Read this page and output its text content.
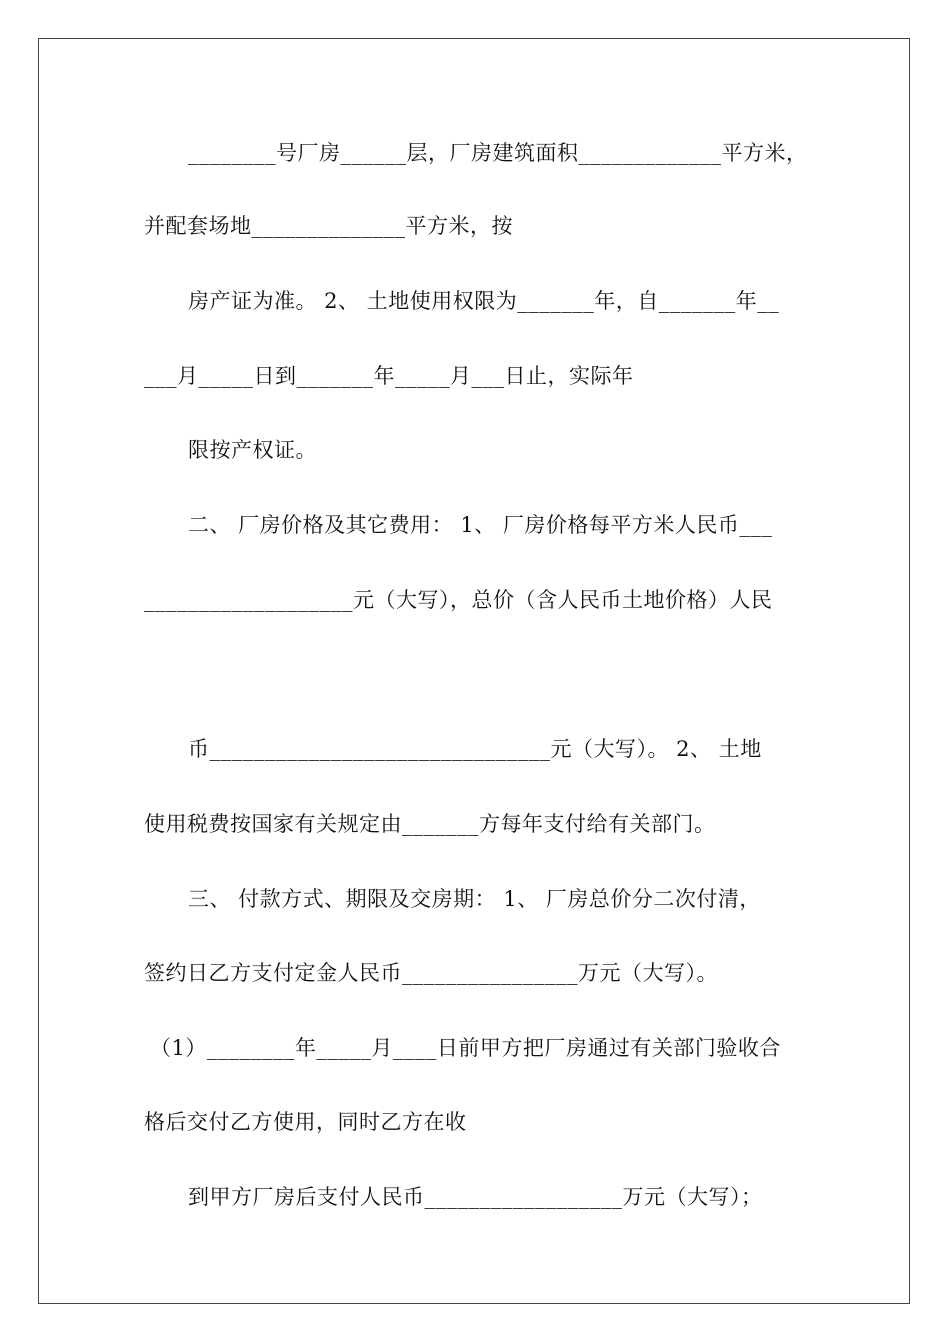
________号厂房______层，厂房建筑面积_____________平方米，
并配套场地______________平方米，按
房产证为准。 2、 土地使用权限为_______年，自_______年__
___月_____日到_______年_____月___日止，实际年
限按产权证。
二、 厂房价格及其它费用： 1、 厂房价格每平方米人民币___
___________________元（大写），总价（含人民币土地价格）人民
币_______________________________元（大写）。 2、 土地
使用税费按国家有关规定由_______方每年支付给有关部门。
三、 付款方式、期限及交房期： 1、 厂房总价分二次付清，
签约日乙方支付定金人民币________________万元（大写）。
（1）________年_____月____日前甲方把厂房通过有关部门验收合
格后交付乙方使用，同时乙方在收
到甲方厂房后支付人民币__________________万元（大写）；
